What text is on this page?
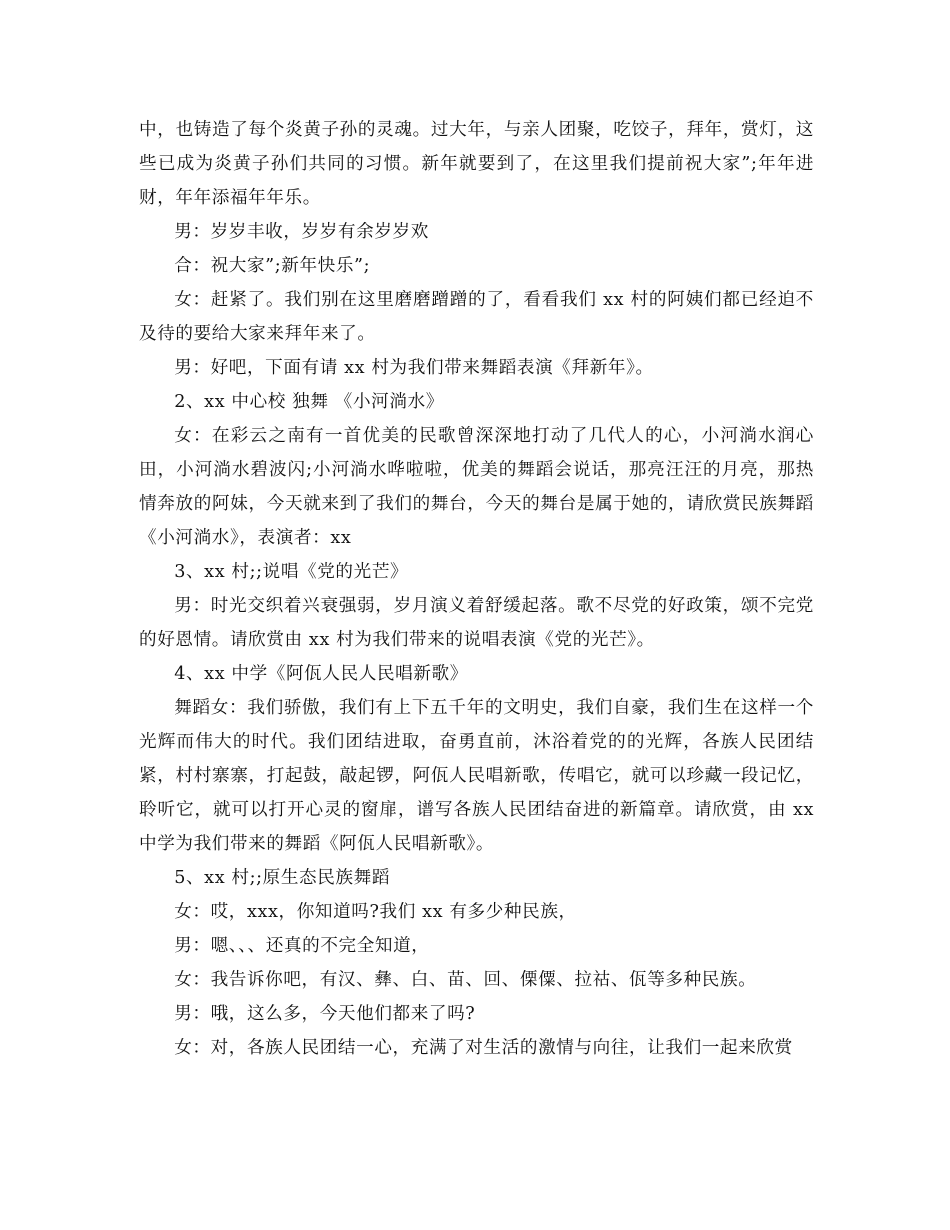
中，也铸造了每个炎黄子孙的灵魂。过大年，与亲人团聚，吃饺子，拜年，赏灯，这些已成为炎黄子孙们共同的习惯。新年就要到了，在这里我们提前祝大家”;年年进财，年年添福年年乐。

男：岁岁丰收，岁岁有余岁岁欢

合：祝大家”;新年快乐”;

女：赶紧了。我们别在这里磨磨蹭蹭的了，看看我们 xx 村的阿姨们都已经迫不及待的要给大家来拜年来了。

男：好吧，下面有请 xx 村为我们带来舞蹈表演《拜新年》。

2、xx 中心校 独舞 《小河淌水》

女：在彩云之南有一首优美的民歌曾深深地打动了几代人的心，小河淌水润心田，小河淌水碧波闪;小河淌水哗啦啦，优美的舞蹈会说话，那亮汪汪的月亮，那热情奔放的阿妹，今天就来到了我们的舞台，今天的舞台是属于她的，请欣赏民族舞蹈《小河淌水》，表演者：xx

3、xx 村;;说唱《党的光芒》

男：时光交织着兴衰强弱，岁月演义着舒缓起落。歌不尽党的好政策，颂不完党的好恩情。请欣赏由 xx 村为我们带来的说唱表演《党的光芒》。

4、xx 中学《阿佤人民人民唱新歌》

舞蹈女：我们骄傲，我们有上下五千年的文明史，我们自豪，我们生在这样一个光辉而伟大的时代。我们团结进取，奋勇直前，沐浴着党的的光辉，各族人民团结紧，村村寨寨，打起鼓，敲起锣，阿佤人民唱新歌，传唱它，就可以珍藏一段记忆，聆听它，就可以打开心灵的窗扉，谱写各族人民团结奋进的新篇章。请欣赏，由 xx 中学为我们带来的舞蹈《阿佤人民唱新歌》。

5、xx 村;;原生态民族舞蹈

女：哎，xxx，你知道吗?我们 xx 有多少种民族，

男：嗯、、、还真的不完全知道，

女：我告诉你吧，有汉、彝、白、苗、回、傈僳、拉祜、佤等多种民族。

男：哦，这么多，今天他们都来了吗?

女：对，各族人民团结一心，充满了对生活的激情与向往，让我们一起来欣赏
